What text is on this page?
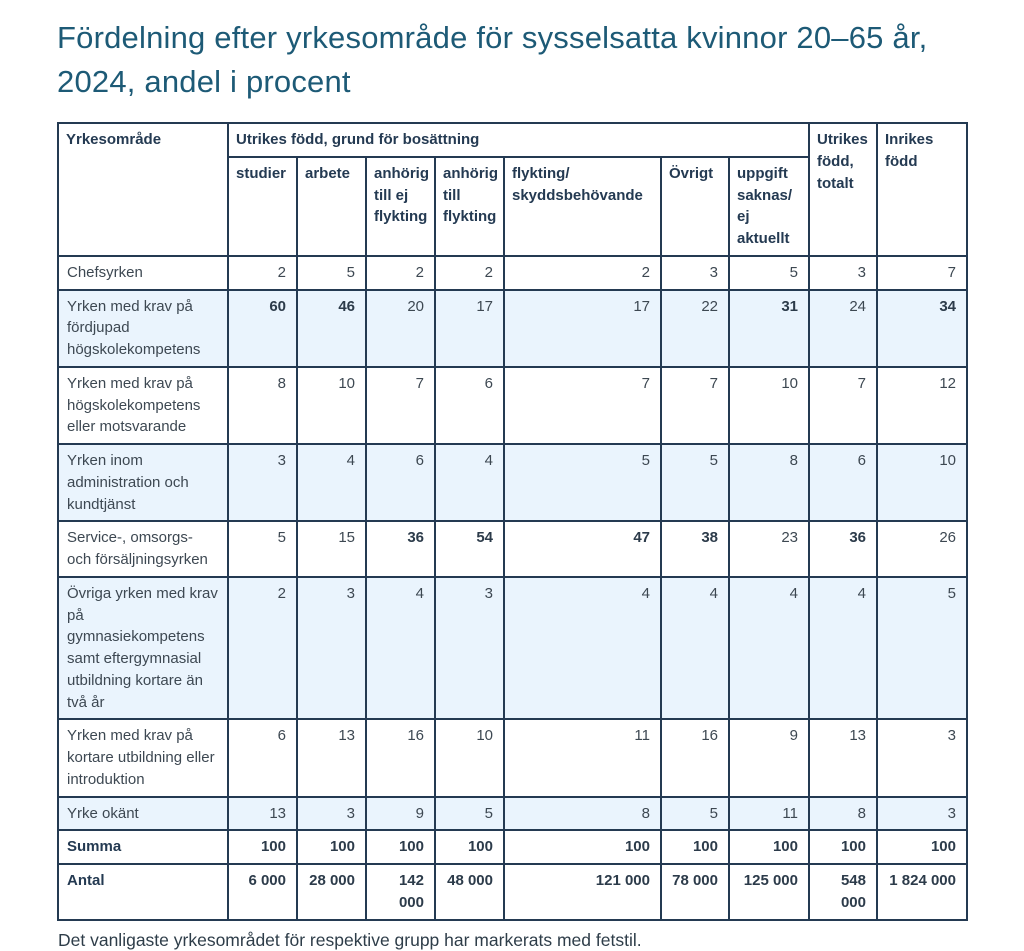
Fördelning efter yrkesområde för sysselsatta kvinnor 20–65 år, 2024, andel i procent
Yrkesområde	Utrikes född, grund för bosättning							Utrikes född, totalt	Inrikes född
	studier	arbete	anhörig till ej flykting	anhörig till flykting	flykting/ skyddsbehövande	Övrigt	uppgift saknas/ ej aktuellt		
Chefsyrken	2	5	2	2	2	3	5	3	7
Yrken med krav på fördjupad högskolekompetens	60	46	20	17	17	22	31	24	34
Yrken med krav på högskolekompetens eller motsvarande	8	10	7	6	7	7	10	7	12
Yrken inom administration och kundtjänst	3	4	6	4	5	5	8	6	10
Service-, omsorgs- och försäljningsyrken	5	15	36	54	47	38	23	36	26
Övriga yrken med krav på gymnasiekompetens samt eftergymnasial utbildning kortare än två år	2	3	4	3	4	4	4	4	5
Yrken med krav på kortare utbildning eller introduktion	6	13	16	10	11	16	9	13	3
Yrke okänt	13	3	9	5	8	5	11	8	3
Summa	100	100	100	100	100	100	100	100	100
Antal	6 000	28 000	142 000	48 000	121 000	78 000	125 000	548 000	1 824 000

Det vanligaste yrkesområdet för respektive grupp har markerats med fetstil.
